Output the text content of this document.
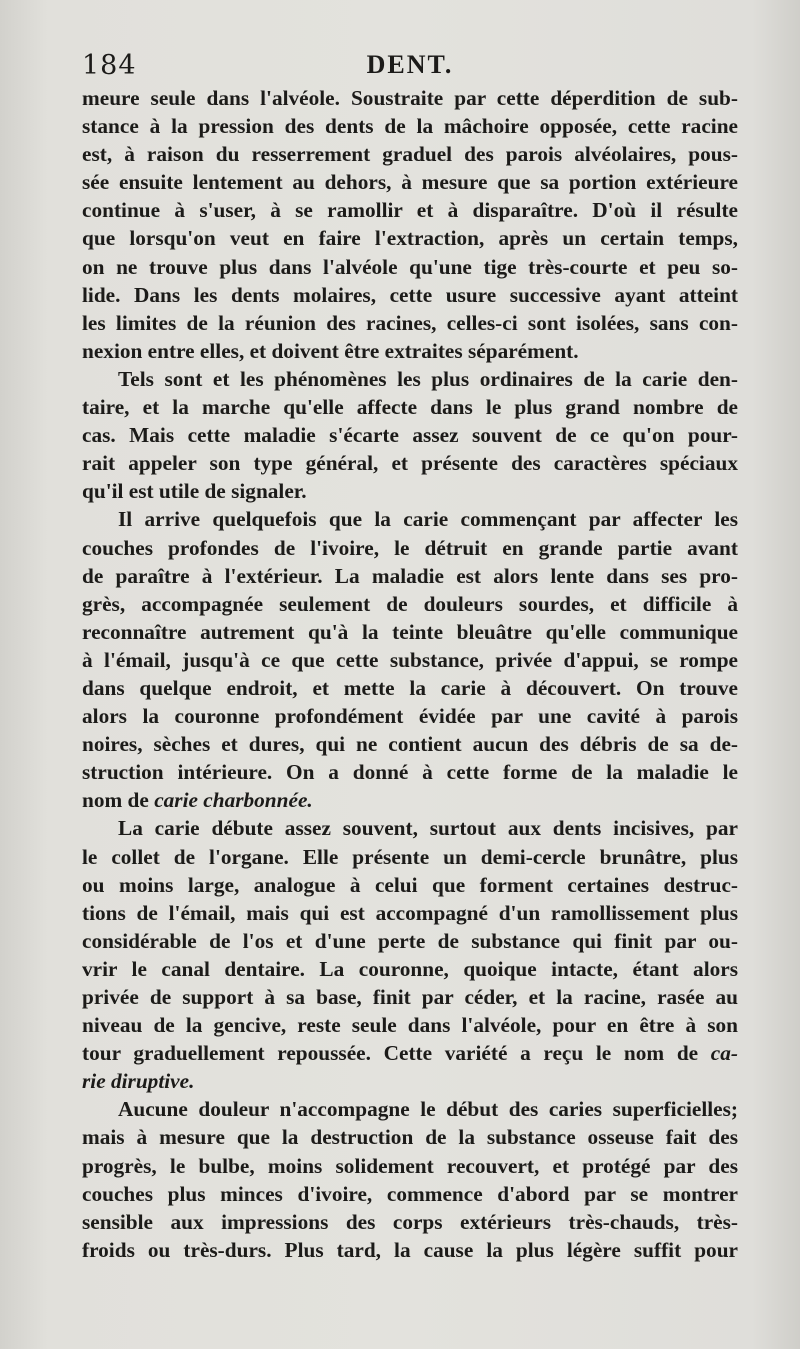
184	DENT.
meure seule dans l'alvéole. Soustraite par cette déperdition de sub-
stance à la pression des dents de la mâchoire opposée, cette racine
est, à raison du resserrement graduel des parois alvéolaires, pous-
sée ensuite lentement au dehors, à mesure que sa portion extérieure
continue à s'user, à se ramollir et à disparaître. D'où il résulte
que lorsqu'on veut en faire l'extraction, après un certain temps,
on ne trouve plus dans l'alvéole qu'une tige très-courte et peu so-
lide. Dans les dents molaires, cette usure successive ayant atteint
les limites de la réunion des racines, celles-ci sont isolées, sans con-
nexion entre elles, et doivent être extraites séparément.
Tels sont et les phénomènes les plus ordinaires de la carie den-
taire, et la marche qu'elle affecte dans le plus grand nombre de
cas. Mais cette maladie s'écarte assez souvent de ce qu'on pour-
rait appeler son type général, et présente des caractères spéciaux
qu'il est utile de signaler.
Il arrive quelquefois que la carie commençant par affecter les
couches profondes de l'ivoire, le détruit en grande partie avant
de paraître à l'extérieur. La maladie est alors lente dans ses pro-
grès, accompagnée seulement de douleurs sourdes, et difficile à
reconnaître autrement qu'à la teinte bleuâtre qu'elle communique
à l'émail, jusqu'à ce que cette substance, privée d'appui, se rompe
dans quelque endroit, et mette la carie à découvert. On trouve
alors la couronne profondément évidée par une cavité à parois
noires, sèches et dures, qui ne contient aucun des débris de sa de-
struction intérieure. On a donné à cette forme de la maladie le
nom de carie charbonnée.
La carie débute assez souvent, surtout aux dents incisives, par
le collet de l'organe. Elle présente un demi-cercle brunâtre, plus
ou moins large, analogue à celui que forment certaines destruc-
tions de l'émail, mais qui est accompagné d'un ramollissement plus
considérable de l'os et d'une perte de substance qui finit par ou-
vrir le canal dentaire. La couronne, quoique intacte, étant alors
privée de support à sa base, finit par céder, et la racine, rasée au
niveau de la gencive, reste seule dans l'alvéole, pour en être à son
tour graduellement repoussée. Cette variété a reçu le nom de ca-
rie diruptive.
Aucune douleur n'accompagne le début des caries superficielles;
mais à mesure que la destruction de la substance osseuse fait des
progrès, le bulbe, moins solidement recouvert, et protégé par des
couches plus minces d'ivoire, commence d'abord par se montrer
sensible aux impressions des corps extérieurs très-chauds, très-
froids ou très-durs. Plus tard, la cause la plus légère suffit pour
